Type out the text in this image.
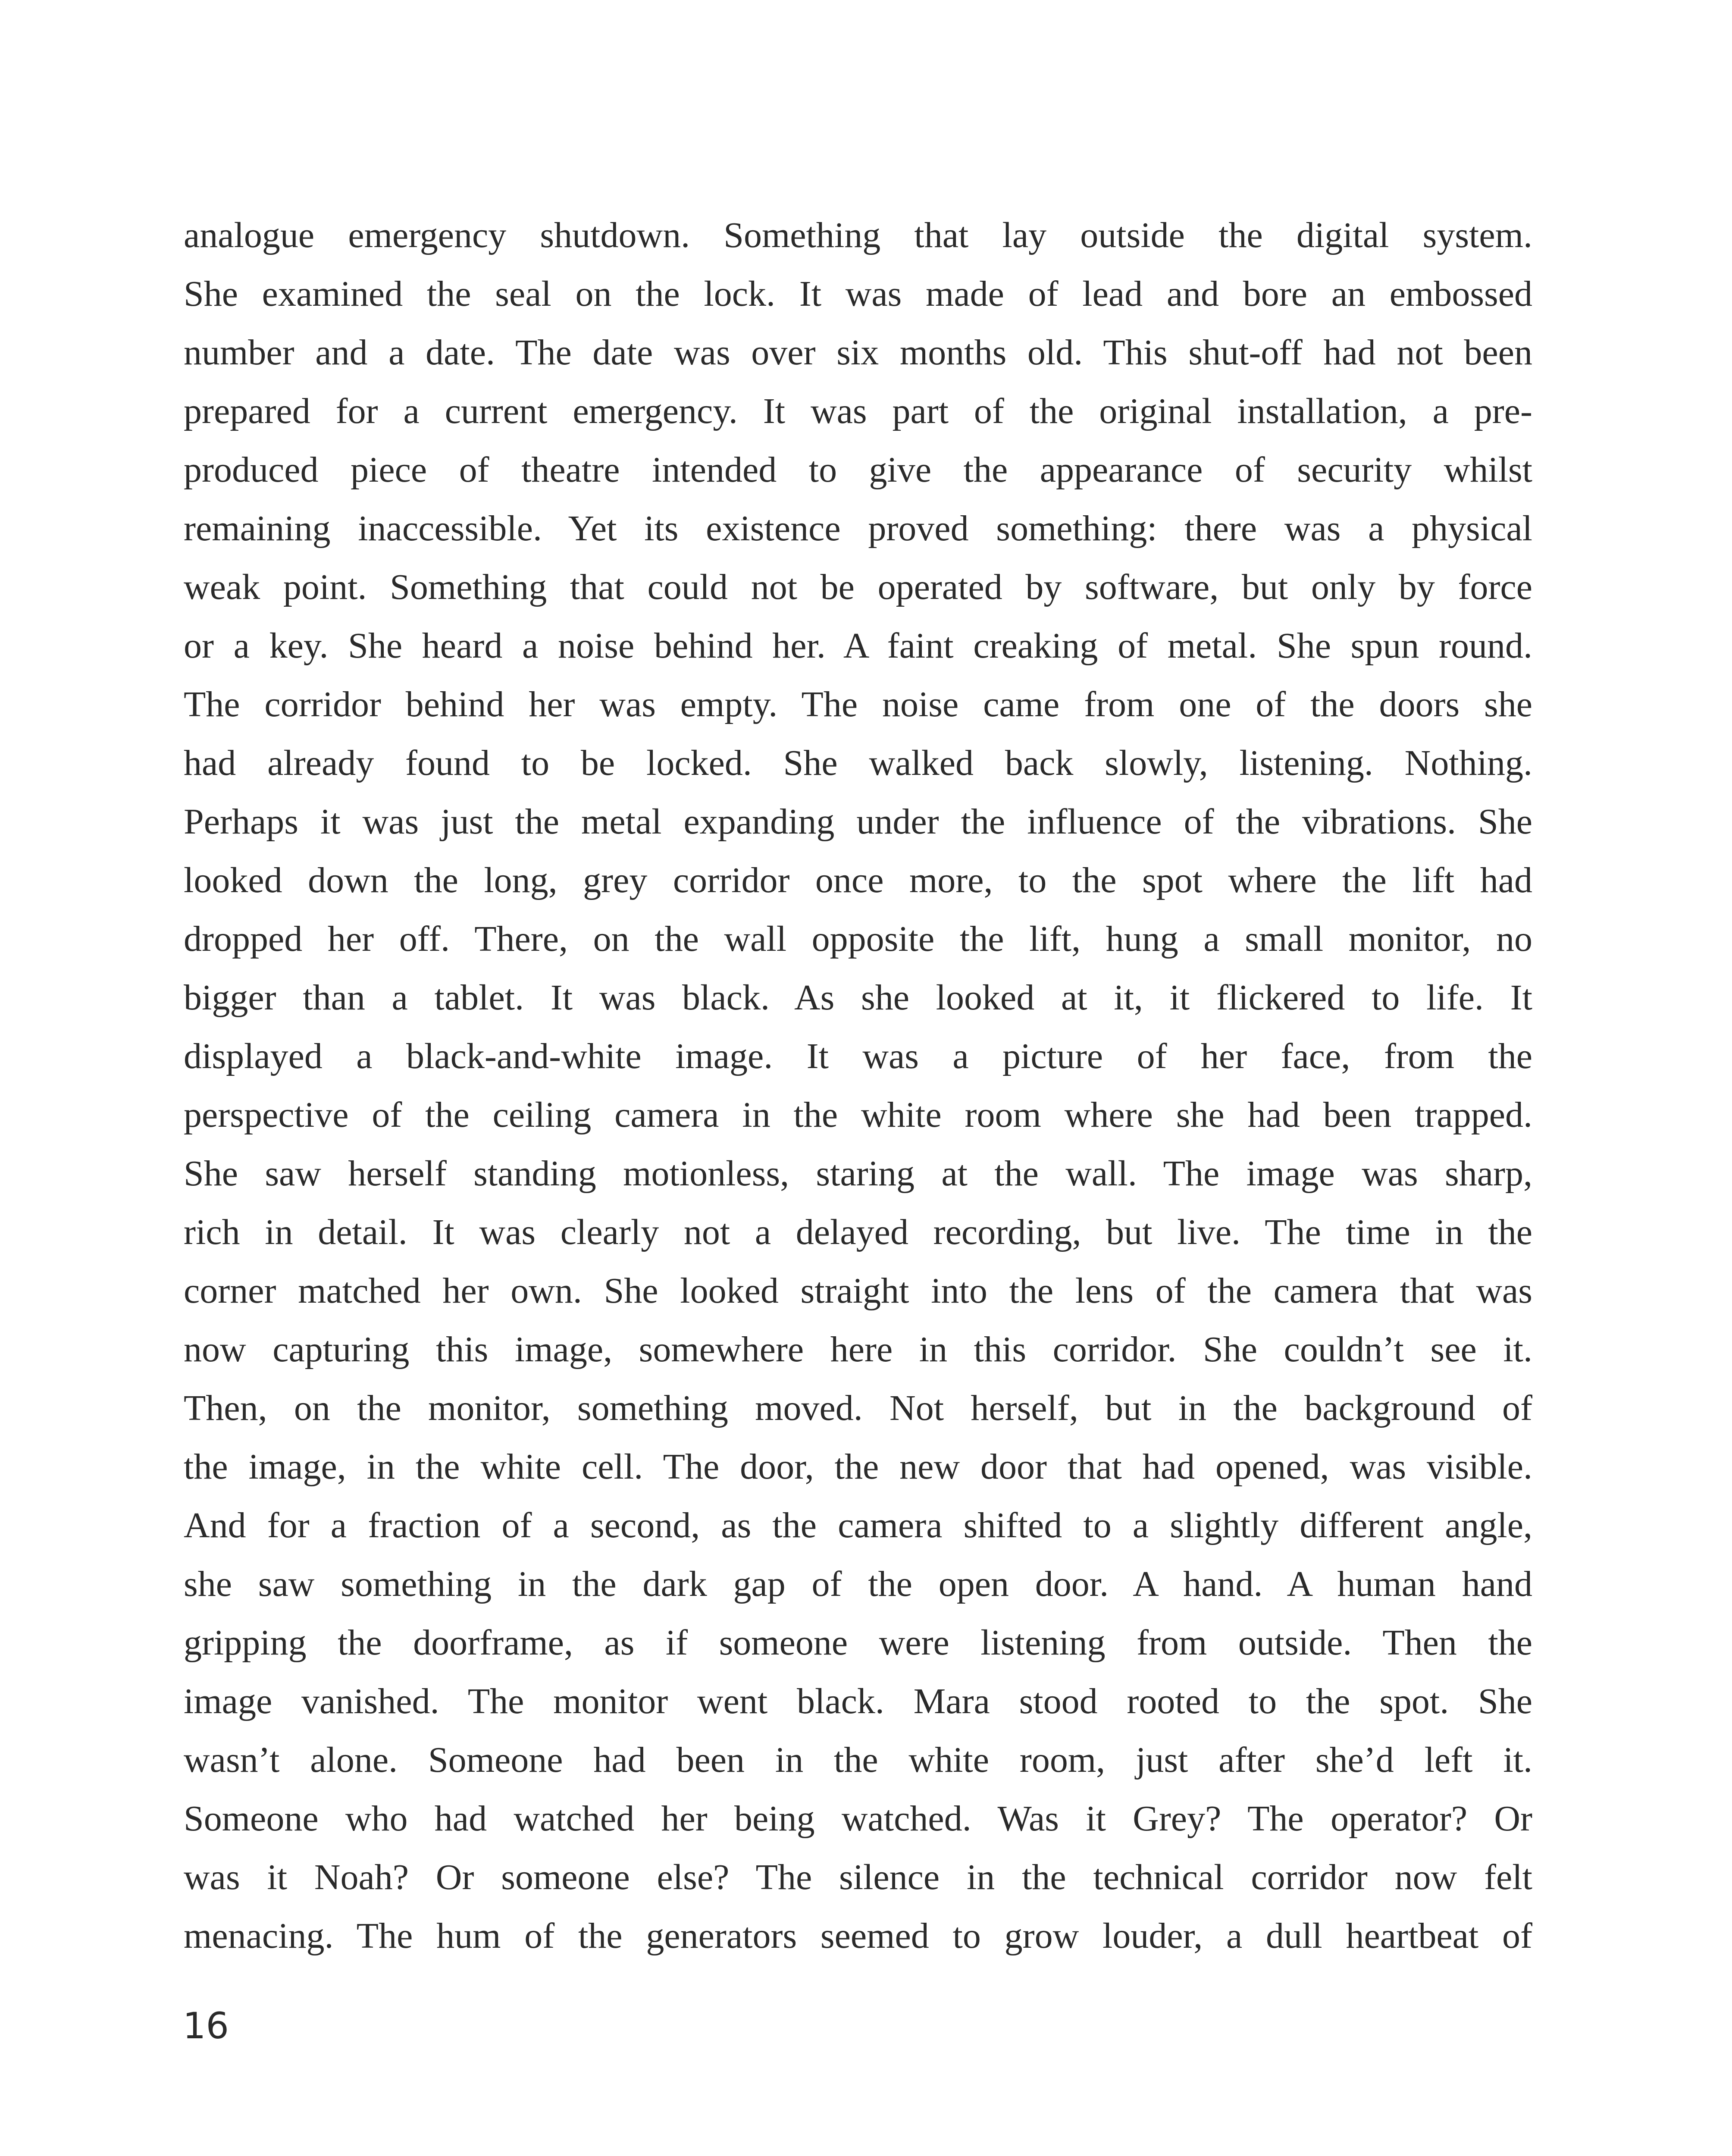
analogue emergency shutdown. Something that lay outside the digital system.
She examined the seal on the lock. It was made of lead and bore an embossed
number and a date. The date was over six months old. This shut-off had not been
prepared for a current emergency. It was part of the original installation, a pre-
produced piece of theatre intended to give the appearance of security whilst
remaining inaccessible. Yet its existence proved something: there was a physical
weak point. Something that could not be operated by software, but only by force
or a key. She heard a noise behind her. A faint creaking of metal. She spun round.
The corridor behind her was empty. The noise came from one of the doors she
had already found to be locked. She walked back slowly, listening. Nothing.
Perhaps it was just the metal expanding under the influence of the vibrations. She
looked down the long, grey corridor once more, to the spot where the lift had
dropped her off. There, on the wall opposite the lift, hung a small monitor, no
bigger than a tablet. It was black. As she looked at it, it flickered to life. It
displayed a black-and-white image. It was a picture of her face, from the
perspective of the ceiling camera in the white room where she had been trapped.
She saw herself standing motionless, staring at the wall. The image was sharp,
rich in detail. It was clearly not a delayed recording, but live. The time in the
corner matched her own. She looked straight into the lens of the camera that was
now capturing this image, somewhere here in this corridor. She couldn’t see it.
Then, on the monitor, something moved. Not herself, but in the background of
the image, in the white cell. The door, the new door that had opened, was visible.
And for a fraction of a second, as the camera shifted to a slightly different angle,
she saw something in the dark gap of the open door. A hand. A human hand
gripping the doorframe, as if someone were listening from outside. Then the
image vanished. The monitor went black. Mara stood rooted to the spot. She
wasn’t alone. Someone had been in the white room, just after she’d left it.
Someone who had watched her being watched. Was it Grey? The operator? Or
was it Noah? Or someone else? The silence in the technical corridor now felt
menacing. The hum of the generators seemed to grow louder, a dull heartbeat of
16
